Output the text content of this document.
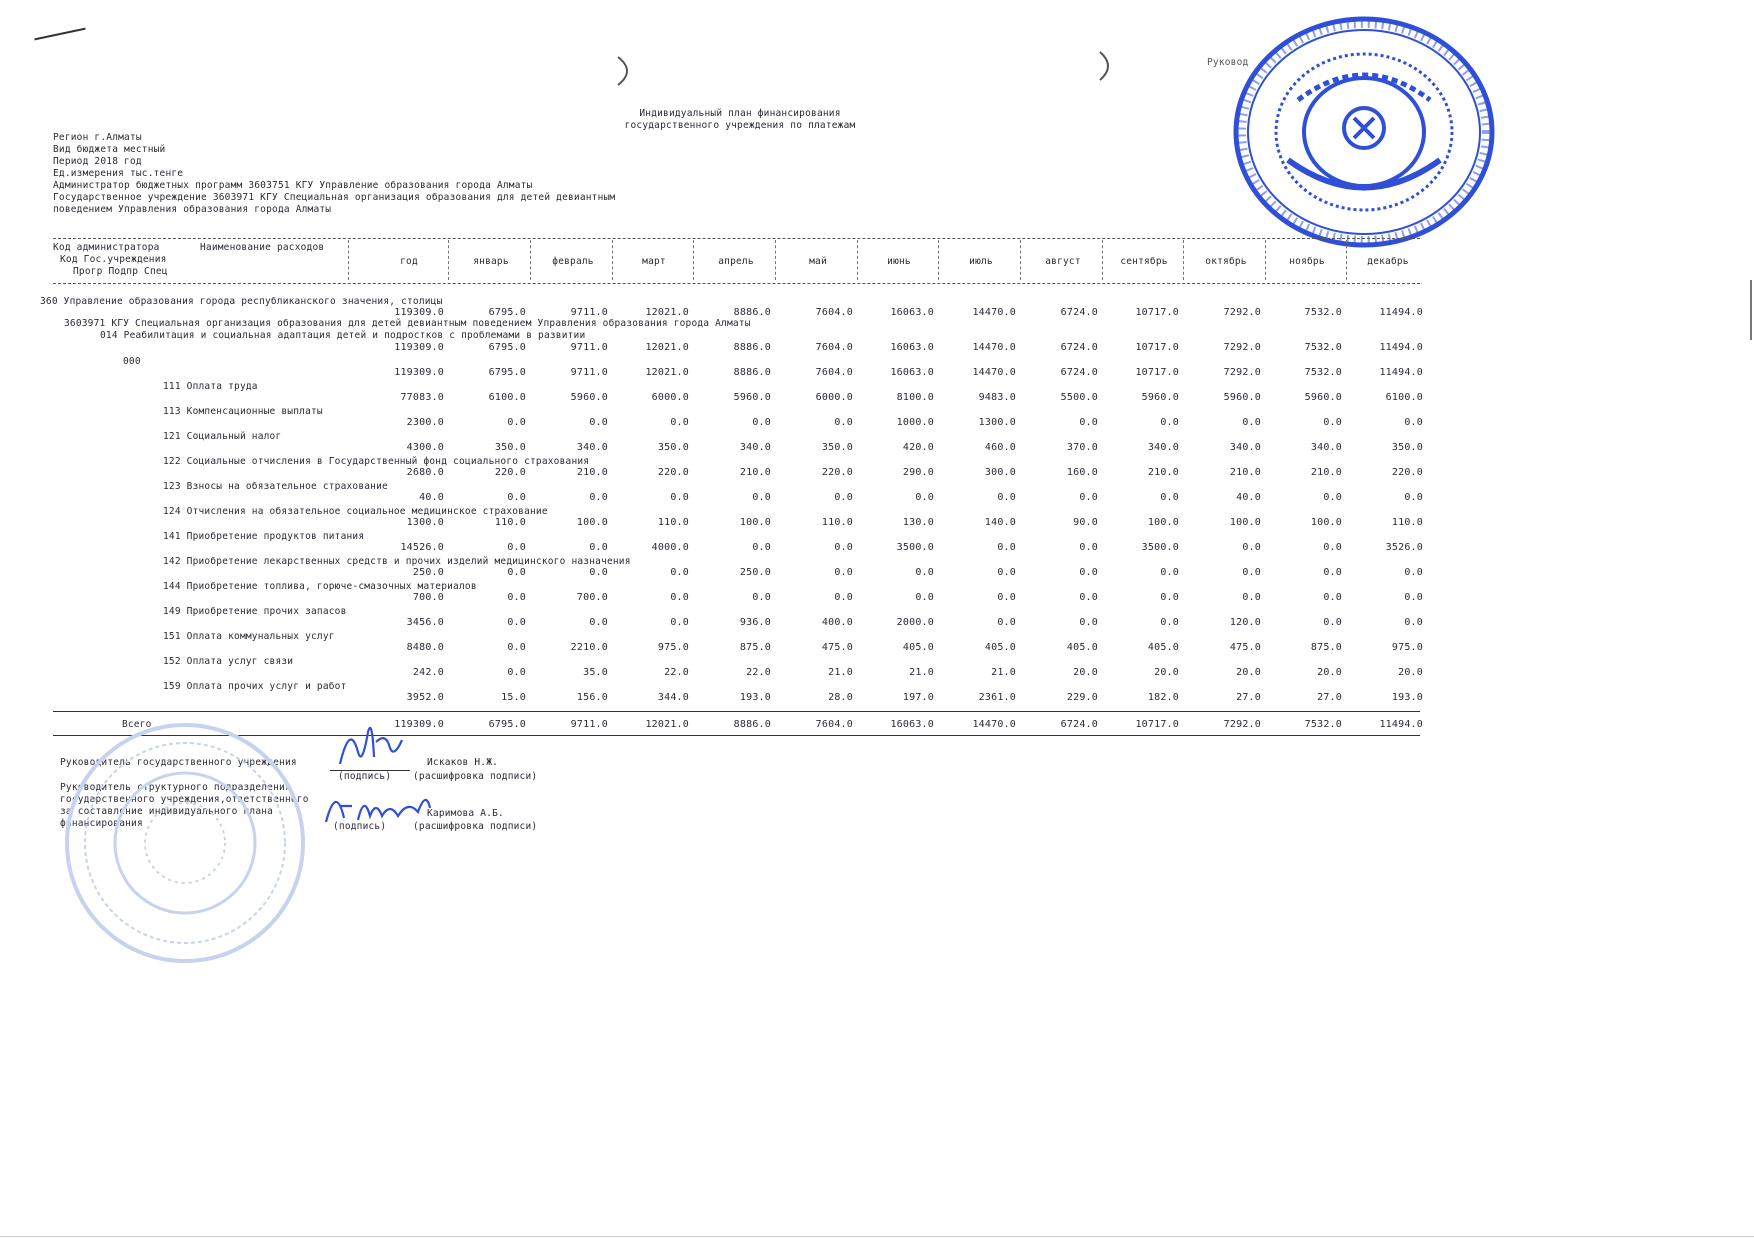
Руковод
Индивидуальный план финансирования
государственного учреждения по платежам
Регион г.Алматы
Вид бюджета местный
Период 2018 год
Ед.измерения тыс.тенге
Администратор бюджетных программ 3603751 КГУ Управление образования города Алматы
Государственное учреждение 3603971 КГУ Специальная организация образования для детей девиантным
поведением Управления образования города Алматы
Код администратора
Код Гос.учреждения
Прогр Подпр Спец
Наименование расходов
год	январь	февраль	март	апрель	май	июнь	июль	август	сентябрь	октябрь	ноябрь	декабрь
360 Управление образования города республиканского значения, столицы
119309.0	6795.0	9711.0	12021.0	8886.0	7604.0	16063.0	14470.0	6724.0	10717.0	7292.0	7532.0	11494.0
3603971 КГУ Специальная организация образования для детей девиантным поведением Управления образования города Алматы
014 Реабилитация и социальная адаптация детей и подростков с проблемами в развитии
119309.0	6795.0	9711.0	12021.0	8886.0	7604.0	16063.0	14470.0	6724.0	10717.0	7292.0	7532.0	11494.0
000
119309.0	6795.0	9711.0	12021.0	8886.0	7604.0	16063.0	14470.0	6724.0	10717.0	7292.0	7532.0	11494.0
111 Оплата труда
77083.0	6100.0	5960.0	6000.0	5960.0	6000.0	8100.0	9483.0	5500.0	5960.0	5960.0	5960.0	6100.0
113 Компенсационные выплаты
2300.0	0.0	0.0	0.0	0.0	0.0	1000.0	1300.0	0.0	0.0	0.0	0.0	0.0
121 Социальный налог
4300.0	350.0	340.0	350.0	340.0	350.0	420.0	460.0	370.0	340.0	340.0	340.0	350.0
122 Социальные отчисления в Государственный фонд социального страхования
2680.0	220.0	210.0	220.0	210.0	220.0	290.0	300.0	160.0	210.0	210.0	210.0	220.0
123 Взносы на обязательное страхование
40.0	0.0	0.0	0.0	0.0	0.0	0.0	0.0	0.0	0.0	40.0	0.0	0.0
124 Отчисления на обязательное социальное медицинское страхование
1300.0	110.0	100.0	110.0	100.0	110.0	130.0	140.0	90.0	100.0	100.0	100.0	110.0
141 Приобретение продуктов питания
14526.0	0.0	0.0	4000.0	0.0	0.0	3500.0	0.0	0.0	3500.0	0.0	0.0	3526.0
142 Приобретение лекарственных средств и прочих изделий медицинского назначения
250.0	0.0	0.0	0.0	250.0	0.0	0.0	0.0	0.0	0.0	0.0	0.0	0.0
144 Приобретение топлива, горюче-смазочных материалов
700.0	0.0	700.0	0.0	0.0	0.0	0.0	0.0	0.0	0.0	0.0	0.0	0.0
149 Приобретение прочих запасов
3456.0	0.0	0.0	0.0	936.0	400.0	2000.0	0.0	0.0	0.0	120.0	0.0	0.0
151 Оплата коммунальных услуг
8480.0	0.0	2210.0	975.0	875.0	475.0	405.0	405.0	405.0	405.0	475.0	875.0	975.0
152 Оплата услуг связи
242.0	0.0	35.0	22.0	22.0	21.0	21.0	21.0	20.0	20.0	20.0	20.0	20.0
159 Оплата прочих услуг и работ
3952.0	15.0	156.0	344.0	193.0	28.0	197.0	2361.0	229.0	182.0	27.0	27.0	193.0
Всего	119309.0	6795.0	9711.0	12021.0	8886.0	7604.0	16063.0	14470.0	6724.0	10717.0	7292.0	7532.0	11494.0
Руководитель государственного учреждения	Искаков Н.Ж.
(подпись) (расшифровка подписи)
Руководитель структурного подразделения
государственного учреждения,ответственного
за составление индивидуального плана
финансирования
Каримова А.Б.
(подпись)	(расшифровка подписи)
